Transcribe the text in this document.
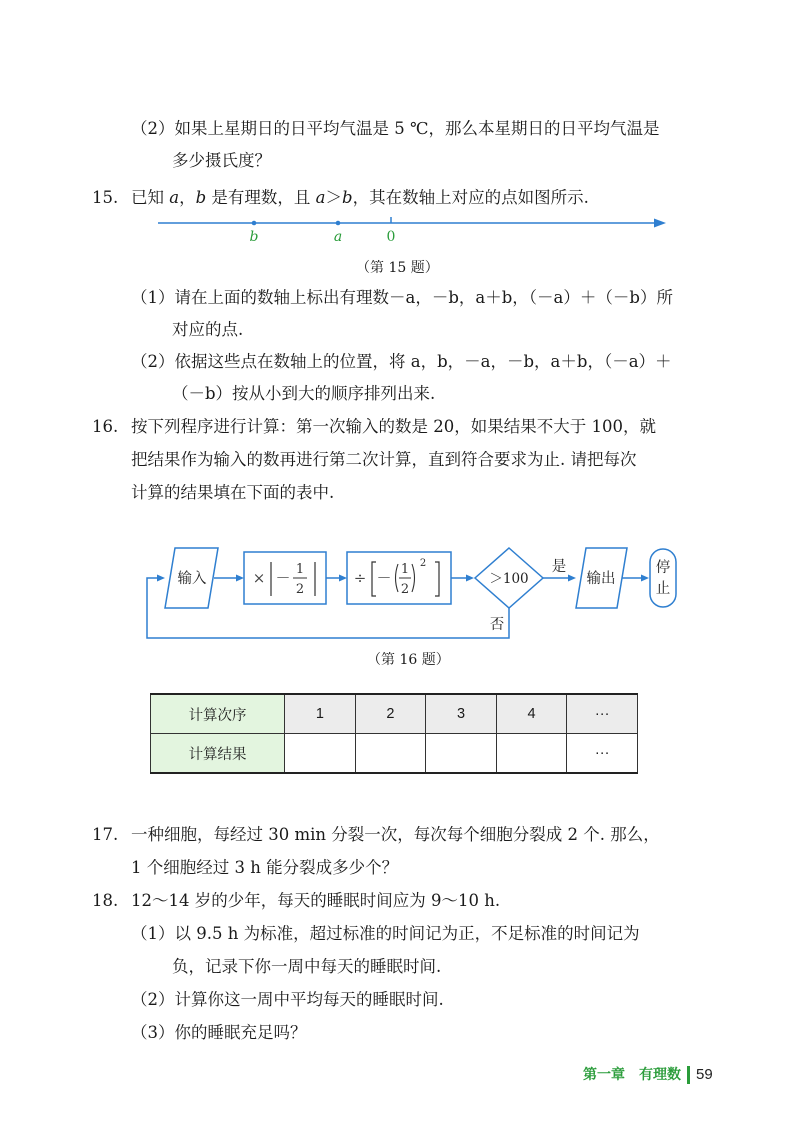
（2）如果上星期日的日平均气温是 5 ℃，那么本星期日的日平均气温是
多少摄氏度？
15. 已知 a，b 是有理数，且 a＞b，其在数轴上对应的点如图所示.
b	a	0
（第 15 题）
（1）请在上面的数轴上标出有理数－a，－b，a＋b，（－a）＋（－b）所
对应的点.
（2）依据这些点在数轴上的位置，将 a，b，－a，－b，a＋b，（－a）＋
（－b）按从小到大的顺序排列出来.
16. 按下列程序进行计算：第一次输入的数是 20，如果结果不大于 100，就
把结果作为输入的数再进行第二次计算，直到符合要求为止. 请把每次
计算的结果填在下面的表中.
输入	× － 1
2
÷ － 1
2
2
＞100
是
输出
停
止
否
（第 16 题）
计算次序	1	2	3	4	···
计算结果					···
17. 一种细胞，每经过 30 min 分裂一次，每次每个细胞分裂成 2 个. 那么，
1 个细胞经过 3 h 能分裂成多少个？
18. 12～14 岁的少年，每天的睡眠时间应为 9～10 h.
（1）以 9.5 h 为标准，超过标准的时间记为正，不足标准的时间记为
负，记录下你一周中每天的睡眠时间.
（2）计算你这一周中平均每天的睡眠时间.
（3）你的睡眠充足吗？
第一章　有理数 59
